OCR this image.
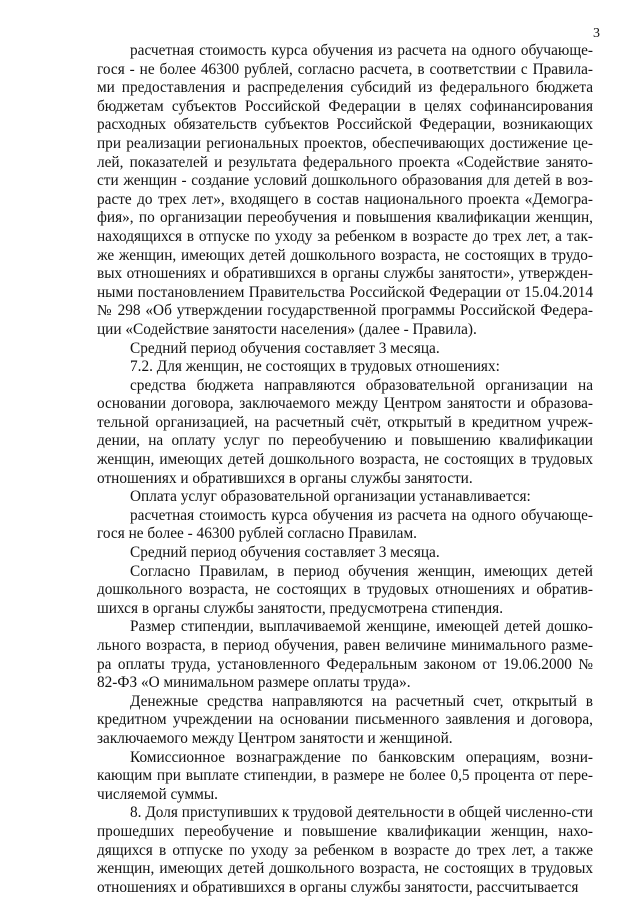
3

расчетная стоимость курса обучения из расчета на одного обучающе-гося - не более 46300 рублей, согласно расчета, в соответствии с Правила-ми предоставления и распределения субсидий из федерального бюджета бюджетам субъектов Российской Федерации в целях софинансирования расходных обязательств субъектов Российской Федерации, возникающих при реализации региональных проектов, обеспечивающих достижение це-лей, показателей и результата федерального проекта «Содействие занято-сти женщин - создание условий дошкольного образования для детей в воз-расте до трех лет», входящего в состав национального проекта «Демогра-фия», по организации переобучения и повышения квалификации женщин, находящихся в отпуске по уходу за ребенком в возрасте до трех лет, а так-же женщин, имеющих детей дошкольного возраста, не состоящих в трудо-вых отношениях и обратившихся в органы службы занятости», утвержден-ными постановлением Правительства Российской Федерации от 15.04.2014 № 298 «Об утверждении государственной программы Российской Федера-ции «Содействие занятости населения» (далее - Правила).

Средний период обучения составляет 3 месяца.

7.2. Для женщин, не состоящих в трудовых отношениях:

средства бюджета направляются образовательной организации на основании договора, заключаемого между Центром занятости и образова-тельной организацией, на расчетный счёт, открытый в кредитном учреж-дении, на оплату услуг по переобучению и повышению квалификации женщин, имеющих детей дошкольного возраста, не состоящих в трудовых отношениях и обратившихся в органы службы занятости.

Оплата услуг образовательной организации устанавливается:

расчетная стоимость курса обучения из расчета на одного обучающе-гося не более - 46300 рублей согласно Правилам.

Средний период обучения составляет 3 месяца.

Согласно Правилам, в период обучения женщин, имеющих детей дошкольного возраста, не состоящих в трудовых отношениях и обратив-шихся в органы службы занятости, предусмотрена стипендия.

Размер стипендии, выплачиваемой женщине, имеющей детей дошко-льного возраста, в период обучения, равен величине минимального разме-ра оплаты труда, установленного Федеральным законом от 19.06.2000 № 82-ФЗ «О минимальном размере оплаты труда».

Денежные средства направляются на расчетный счет, открытый в кредитном учреждении на основании письменного заявления и договора, заключаемого между Центром занятости и женщиной.

Комиссионное вознаграждение по банковским операциям, возни-кающим при выплате стипендии, в размере не более 0,5 процента от пере-числяемой суммы.

8. Доля приступивших к трудовой деятельности в общей численно-сти прошедших переобучение и повышение квалификации женщин, нахо-дящихся в отпуске по уходу за ребенком в возрасте до трех лет, а также женщин, имеющих детей дошкольного возраста, не состоящих в трудовых отношениях и обратившихся в органы службы занятости, рассчитывается
